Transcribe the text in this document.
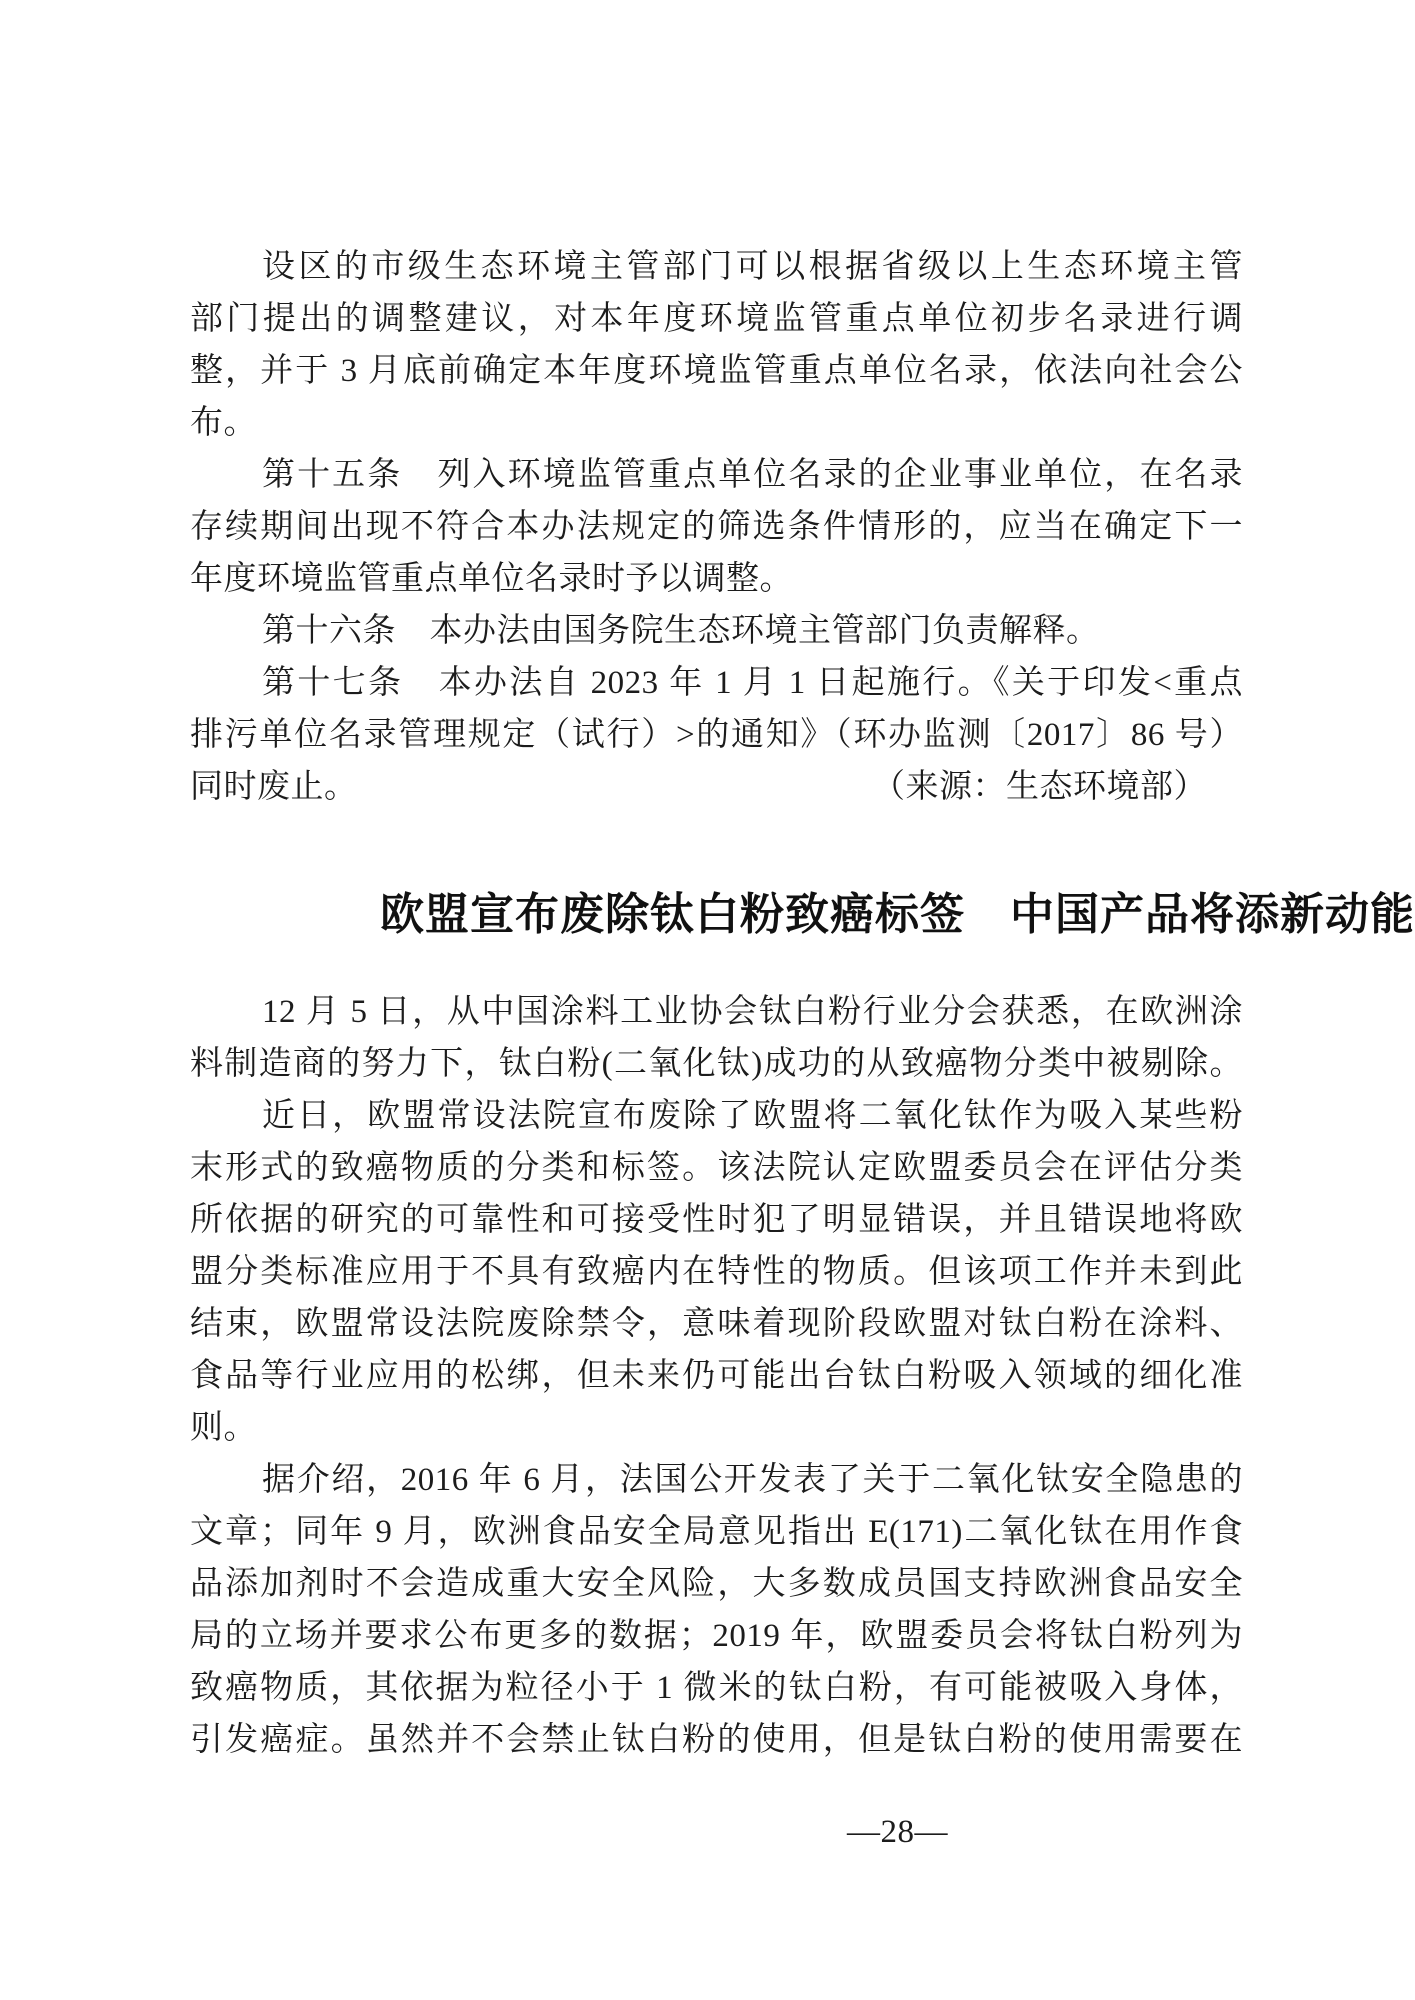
设区的市级生态环境主管部门可以根据省级以上生态环境主管
部门提出的调整建议，对本年度环境监管重点单位初步名录进行调
整，并于 3 月底前确定本年度环境监管重点单位名录，依法向社会公
布。
第十五条　列入环境监管重点单位名录的企业事业单位，在名录
存续期间出现不符合本办法规定的筛选条件情形的，应当在确定下一
年度环境监管重点单位名录时予以调整。
第十六条　本办法由国务院生态环境主管部门负责解释。
第十七条　本办法自 2023 年 1 月 1 日起施行。《关于印发<重点
排污单位名录管理规定（试行）>的通知》（环办监测〔2017〕86 号）
同时废止。	（来源：生态环境部）
欧盟宣布废除钛白粉致癌标签　中国产品将添新动能
12 月 5 日，从中国涂料工业协会钛白粉行业分会获悉，在欧洲涂
料制造商的努力下，钛白粉(二氧化钛)成功的从致癌物分类中被剔除。
近日，欧盟常设法院宣布废除了欧盟将二氧化钛作为吸入某些粉
末形式的致癌物质的分类和标签。该法院认定欧盟委员会在评估分类
所依据的研究的可靠性和可接受性时犯了明显错误，并且错误地将欧
盟分类标准应用于不具有致癌内在特性的物质。但该项工作并未到此
结束，欧盟常设法院废除禁令，意味着现阶段欧盟对钛白粉在涂料、
食品等行业应用的松绑，但未来仍可能出台钛白粉吸入领域的细化准
则。
据介绍，2016 年 6 月，法国公开发表了关于二氧化钛安全隐患的
文章；同年 9 月，欧洲食品安全局意见指出 E(171)二氧化钛在用作食
品添加剂时不会造成重大安全风险，大多数成员国支持欧洲食品安全
局的立场并要求公布更多的数据；2019 年，欧盟委员会将钛白粉列为
致癌物质，其依据为粒径小于 1 微米的钛白粉，有可能被吸入身体，
引发癌症。虽然并不会禁止钛白粉的使用，但是钛白粉的使用需要在
—28—
